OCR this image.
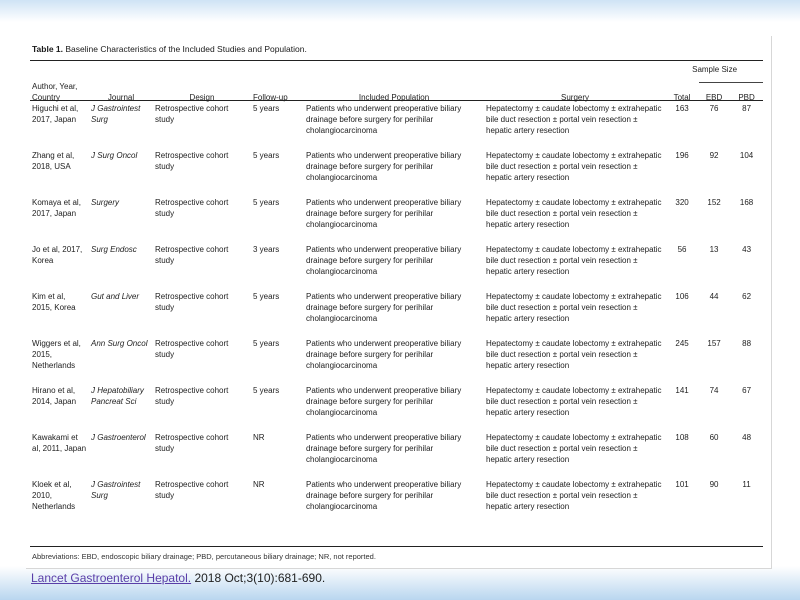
Table 1. Baseline Characteristics of the Included Studies and Population.
						Sample Size		
Author, Year, Country	Journal	Design	Follow-up	Included Population	Surgery	Total	EBD	PBD
Higuchi et al, 2017, Japan	J Gastrointest Surg	Retrospective cohort study	5 years	Patients who underwent preoperative biliary drainage before surgery for perihilar cholangiocarcinoma	Hepatectomy ± caudate lobectomy ± extrahepatic bile duct resection ± portal vein resection ± hepatic artery resection	163	76	87
Zhang et al, 2018, USA	J Surg Oncol	Retrospective cohort study	5 years	Patients who underwent preoperative biliary drainage before surgery for perihilar cholangiocarcinoma	Hepatectomy ± caudate lobectomy ± extrahepatic bile duct resection ± portal vein resection ± hepatic artery resection	196	92	104
Komaya et al, 2017, Japan	Surgery	Retrospective cohort study	5 years	Patients who underwent preoperative biliary drainage before surgery for perihilar cholangiocarcinoma	Hepatectomy ± caudate lobectomy ± extrahepatic bile duct resection ± portal vein resection ± hepatic artery resection	320	152	168
Jo et al, 2017, Korea	Surg Endosc	Retrospective cohort study	3 years	Patients who underwent preoperative biliary drainage before surgery for perihilar cholangiocarcinoma	Hepatectomy ± caudate lobectomy ± extrahepatic bile duct resection ± portal vein resection ± hepatic artery resection	56	13	43
Kim et al, 2015, Korea	Gut and Liver	Retrospective cohort study	5 years	Patients who underwent preoperative biliary drainage before surgery for perihilar cholangiocarcinoma	Hepatectomy ± caudate lobectomy ± extrahepatic bile duct resection ± portal vein resection ± hepatic artery resection	106	44	62
Wiggers et al, 2015, Netherlands	Ann Surg Oncol	Retrospective cohort study	5 years	Patients who underwent preoperative biliary drainage before surgery for perihilar cholangiocarcinoma	Hepatectomy ± caudate lobectomy ± extrahepatic bile duct resection ± portal vein resection ± hepatic artery resection	245	157	88
Hirano et al, 2014, Japan	J Hepatobiliary Pancreat Sci	Retrospective cohort study	5 years	Patients who underwent preoperative biliary drainage before surgery for perihilar cholangiocarcinoma	Hepatectomy ± caudate lobectomy ± extrahepatic bile duct resection ± portal vein resection ± hepatic artery resection	141	74	67
Kawakami et al, 2011, Japan	J Gastroenterol	Retrospective cohort study	NR	Patients who underwent preoperative biliary drainage before surgery for perihilar cholangiocarcinoma	Hepatectomy ± caudate lobectomy ± extrahepatic bile duct resection ± portal vein resection ± hepatic artery resection	108	60	48
Kloek et al, 2010, Netherlands	J Gastrointest Surg	Retrospective cohort study	NR	Patients who underwent preoperative biliary drainage before surgery for perihilar cholangiocarcinoma	Hepatectomy ± caudate lobectomy ± extrahepatic bile duct resection ± portal vein resection ± hepatic artery resection	101	90	11
Abbreviations: EBD, endoscopic biliary drainage; PBD, percutaneous biliary drainage; NR, not reported.
Lancet Gastroenterol Hepatol. 2018 Oct;3(10):681-690.
